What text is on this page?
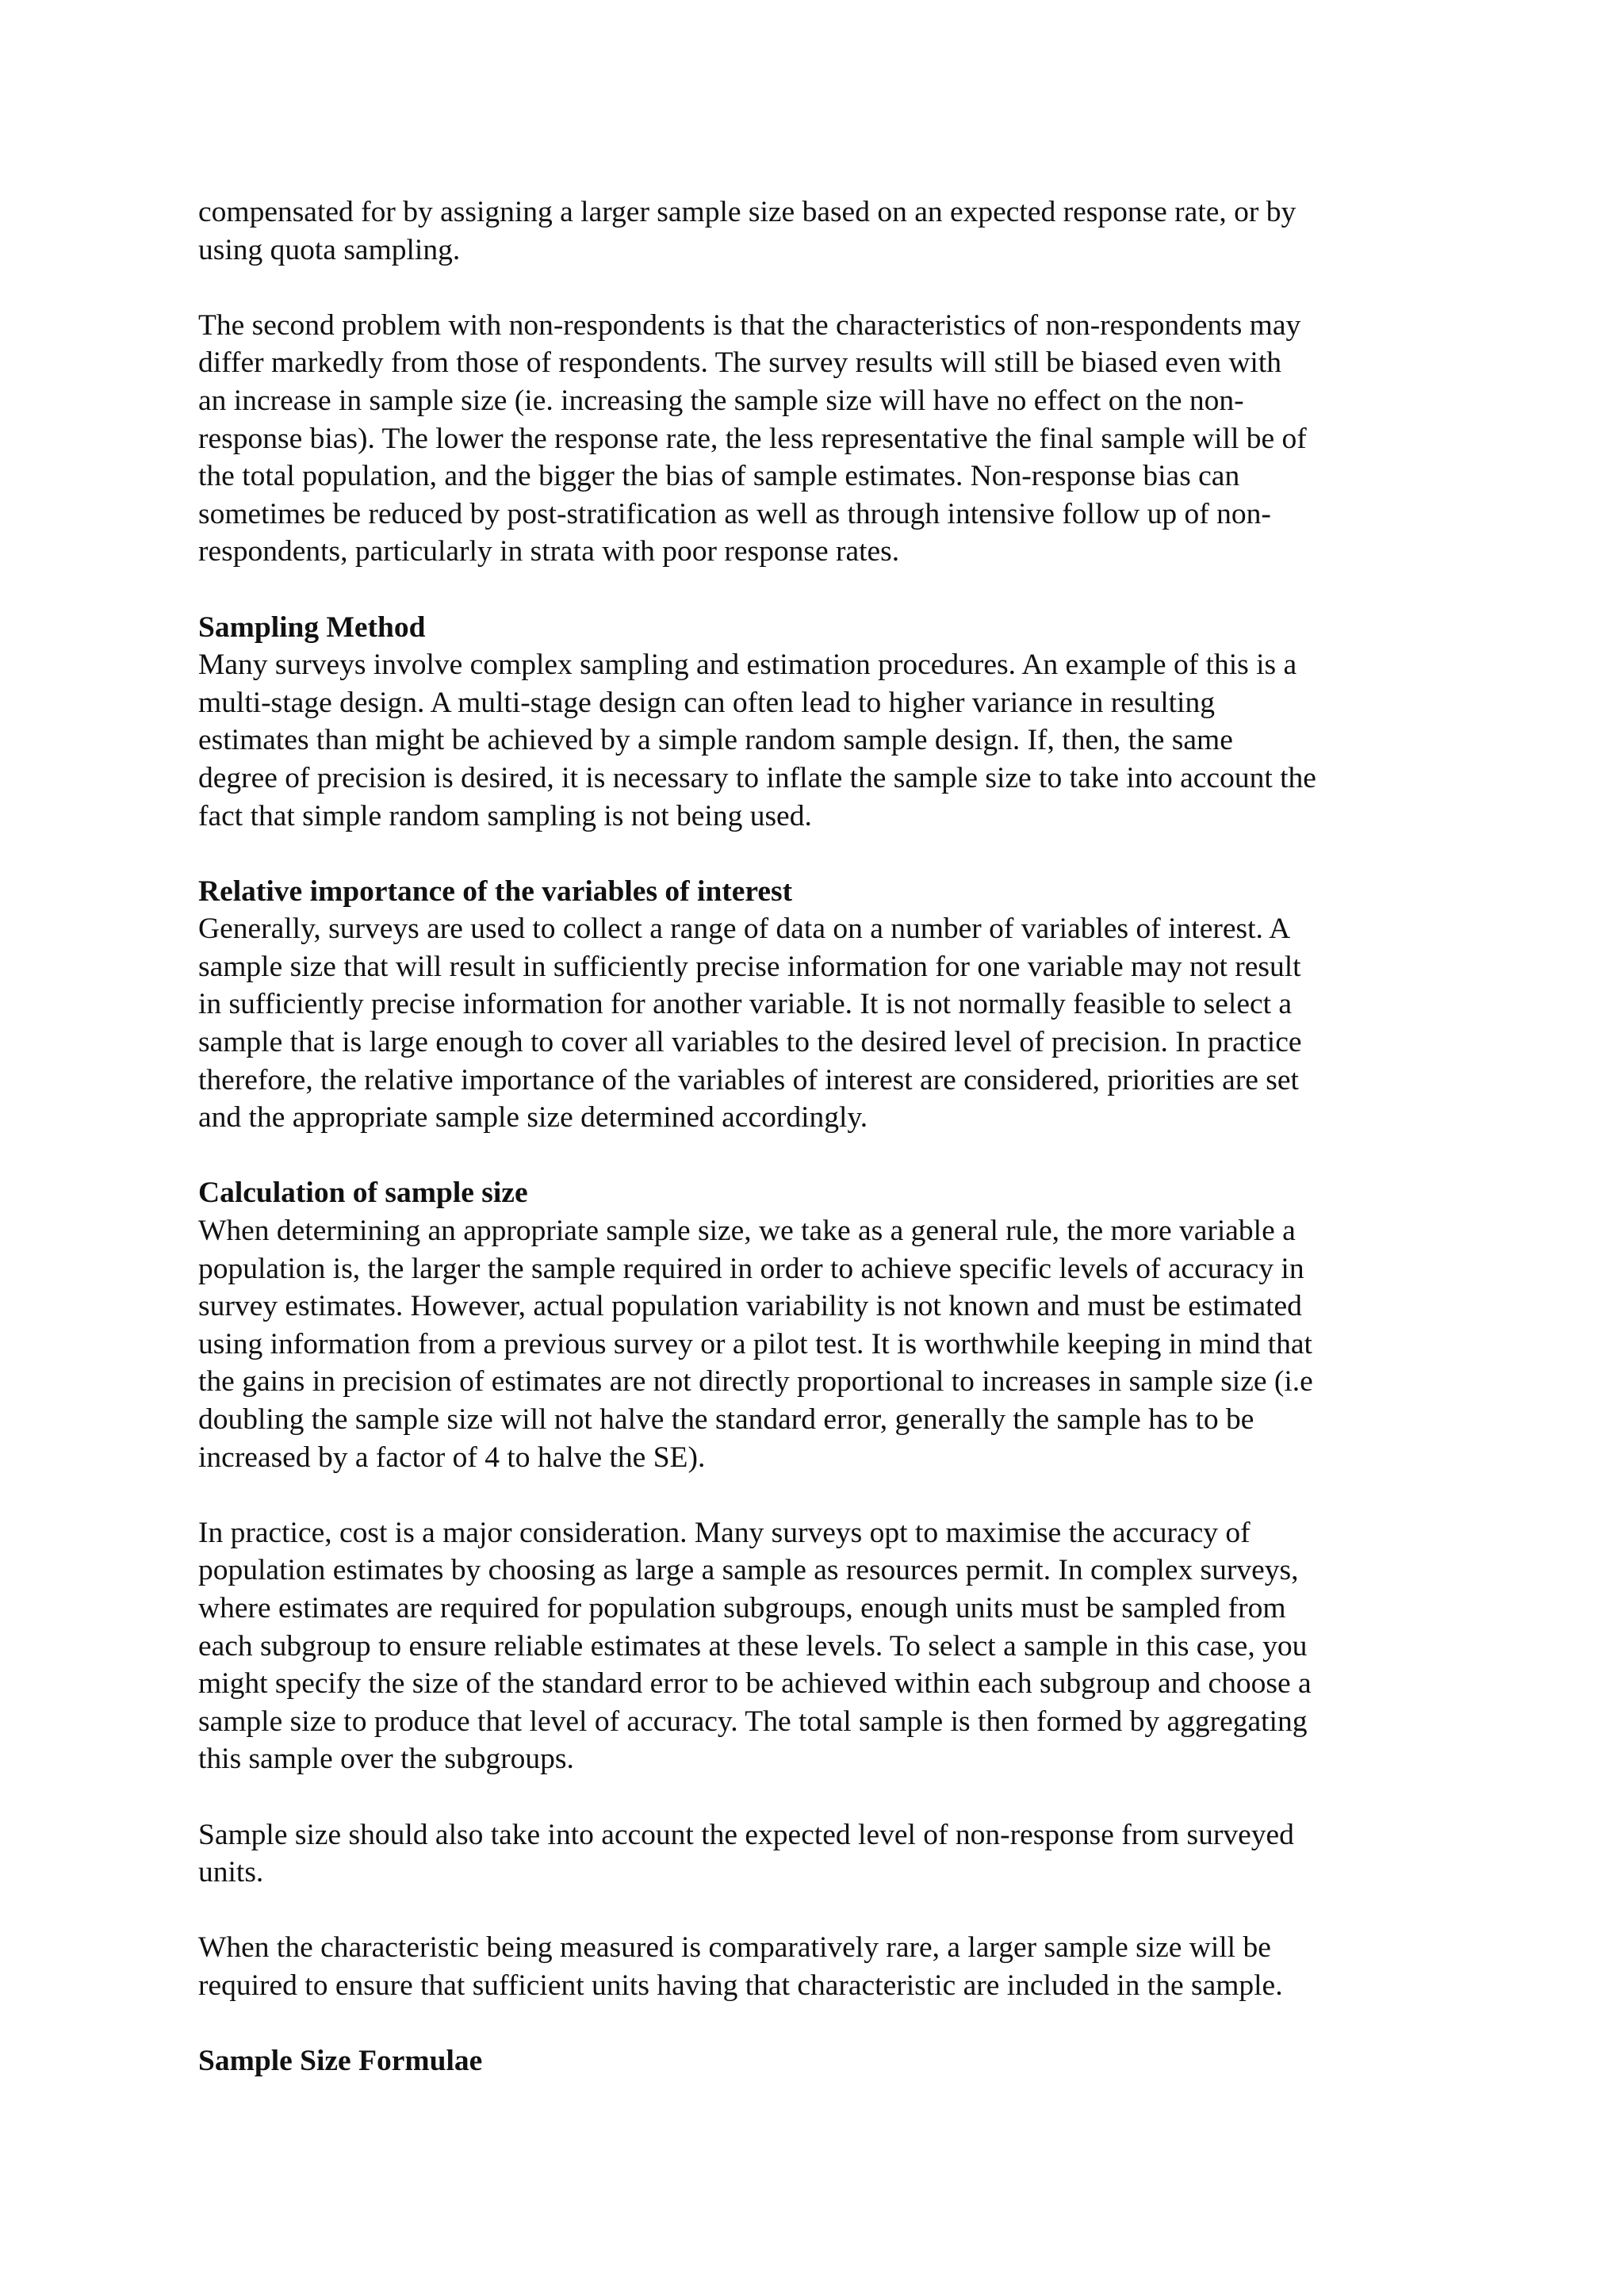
compensated for by assigning a larger sample size based on an expected response rate, or by
using quota sampling.

The second problem with non-respondents is that the characteristics of non-respondents may
differ markedly from those of respondents. The survey results will still be biased even with
an increase in sample size (ie. increasing the sample size will have no effect on the non-
response bias). The lower the response rate, the less representative the final sample will be of
the total population, and the bigger the bias of sample estimates. Non-response bias can
sometimes be reduced by post-stratification as well as through intensive follow up of non-
respondents, particularly in strata with poor response rates.

Sampling Method

Many surveys involve complex sampling and estimation procedures. An example of this is a
multi-stage design. A multi-stage design can often lead to higher variance in resulting
estimates than might be achieved by a simple random sample design. If, then, the same
degree of precision is desired, it is necessary to inflate the sample size to take into account the
fact that simple random sampling is not being used.

Relative importance of the variables of interest

Generally, surveys are used to collect a range of data on a number of variables of interest. A
sample size that will result in sufficiently precise information for one variable may not result
in sufficiently precise information for another variable. It is not normally feasible to select a
sample that is large enough to cover all variables to the desired level of precision. In practice
therefore, the relative importance of the variables of interest are considered, priorities are set
and the appropriate sample size determined accordingly.

Calculation of sample size

When determining an appropriate sample size, we take as a general rule, the more variable a
population is, the larger the sample required in order to achieve specific levels of accuracy in
survey estimates. However, actual population variability is not known and must be estimated
using information from a previous survey or a pilot test. It is worthwhile keeping in mind that
the gains in precision of estimates are not directly proportional to increases in sample size (i.e
doubling the sample size will not halve the standard error, generally the sample has to be
increased by a factor of 4 to halve the SE).

In practice, cost is a major consideration. Many surveys opt to maximise the accuracy of
population estimates by choosing as large a sample as resources permit. In complex surveys,
where estimates are required for population subgroups, enough units must be sampled from
each subgroup to ensure reliable estimates at these levels. To select a sample in this case, you
might specify the size of the standard error to be achieved within each subgroup and choose a
sample size to produce that level of accuracy. The total sample is then formed by aggregating
this sample over the subgroups.

Sample size should also take into account the expected level of non-response from surveyed
units.

When the characteristic being measured is comparatively rare, a larger sample size will be
required to ensure that sufficient units having that characteristic are included in the sample.

Sample Size Formulae
